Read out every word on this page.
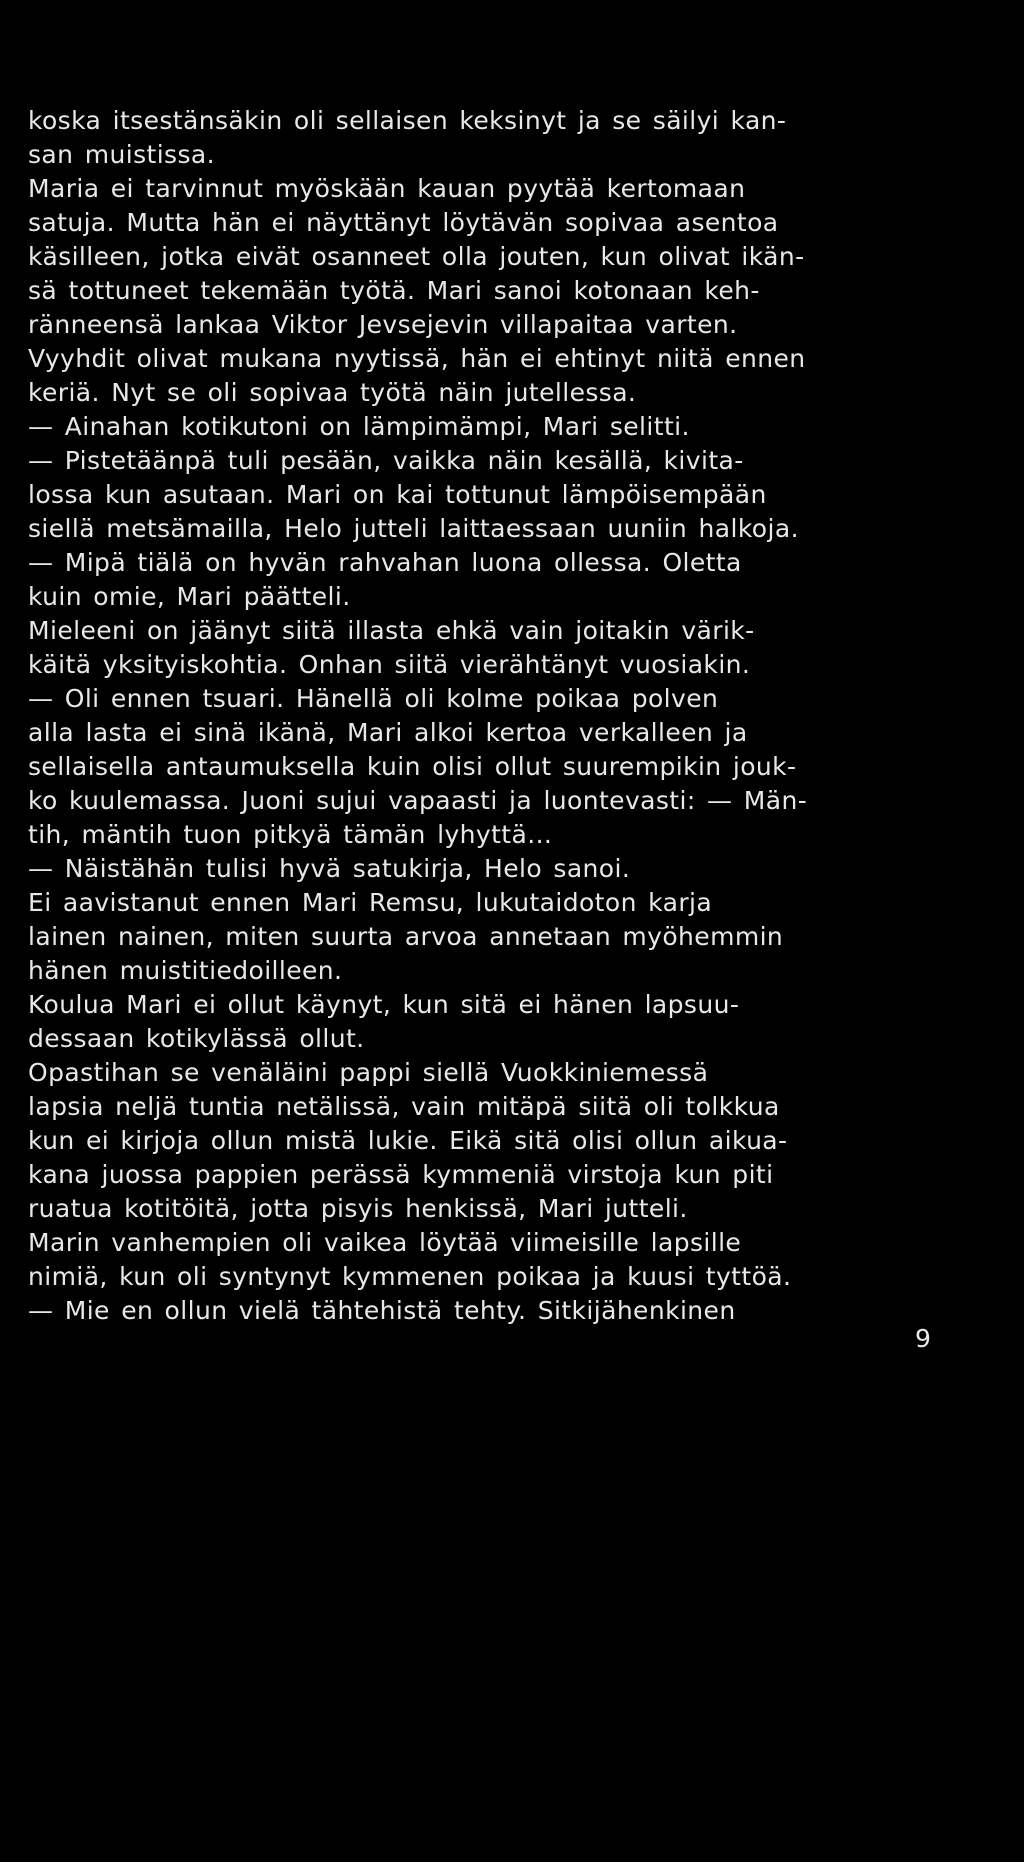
koska itsestänsäkin oli sellaisen keksinyt ja se säilyi kan-
san muistissa.
Maria ei tarvinnut myöskään kauan pyytää kertomaan
satuja. Mutta hän ei näyttänyt löytävän sopivaa asentoa
käsilleen, jotka eivät osanneet olla jouten, kun olivat ikän-
sä tottuneet tekemään työtä. Mari sanoi kotonaan keh-
ränneensä lankaa Viktor Jevsejevin villapaitaa varten.
Vyyhdit olivat mukana nyytissä, hän ei ehtinyt niitä ennen
keriä. Nyt se oli sopivaa työtä näin jutellessa.
— Ainahan kotikutoni on lämpimämpi, Mari selitti.
— Pistetäänpä tuli pesään, vaikka näin kesällä, kivita-
lossa kun asutaan. Mari on kai tottunut lämpöisempään
siellä metsämailla, Helo jutteli laittaessaan uuniin halkoja.
— Mipä tiälä on hyvän rahvahan luona ollessa. Oletta
kuin omie, Mari päätteli.
Mieleeni on jäänyt siitä illasta ehkä vain joitakin värik-
käitä yksityiskohtia. Onhan siitä vierähtänyt vuosiakin.
— Oli ennen tsuari. Hänellä oli kolme poikaa polven
alla lasta ei sinä ikänä, Mari alkoi kertoa verkalleen ja
sellaisella antaumuksella kuin olisi ollut suurempikin jouk-
ko kuulemassa. Juoni sujui vapaasti ja luontevasti: — Män-
tih, mäntih tuon pitkyä tämän lyhyttä...
— Näistähän tulisi hyvä satukirja, Helo sanoi.
Ei aavistanut ennen Mari Remsu, lukutaidoton karja
lainen nainen, miten suurta arvoa annetaan myöhemmin
hänen muistitiedoilleen.
Koulua Mari ei ollut käynyt, kun sitä ei hänen lapsuu-
dessaan kotikylässä ollut.
Opastihan se venäläini pappi siellä Vuokkiniemessä
lapsia neljä tuntia netälissä, vain mitäpä siitä oli tolkkua
kun ei kirjoja ollun mistä lukie. Eikä sitä olisi ollun aikua-
kana juossa pappien perässä kymmeniä virstoja kun piti
ruatua kotitöitä, jotta pisyis henkissä, Mari jutteli.
Marin vanhempien oli vaikea löytää viimeisille lapsille
nimiä, kun oli syntynyt kymmenen poikaa ja kuusi tyttöä.
— Mie en ollun vielä tähtehistä tehty. Sitkijähenkinen
9
